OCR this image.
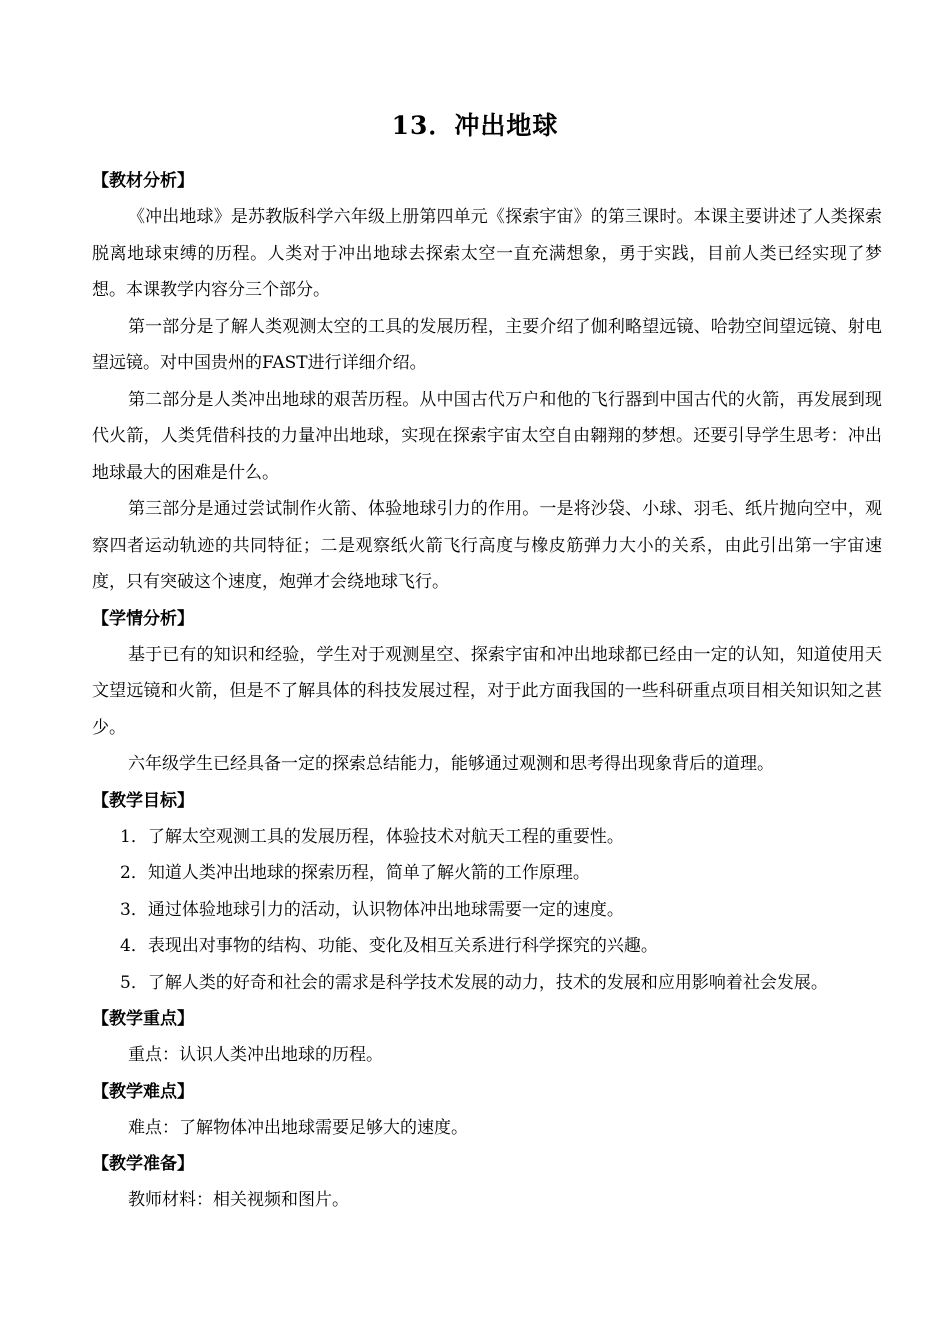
13．冲出地球

【教材分析】

《冲出地球》是苏教版科学六年级上册第四单元《探索宇宙》的第三课时。本课主要讲述了人类探索脱离地球束缚的历程。人类对于冲出地球去探索太空一直充满想象，勇于实践，目前人类已经实现了梦想。本课教学内容分三个部分。

第一部分是了解人类观测太空的工具的发展历程，主要介绍了伽利略望远镜、哈勃空间望远镜、射电望远镜。对中国贵州的FAST进行详细介绍。

第二部分是人类冲出地球的艰苦历程。从中国古代万户和他的飞行器到中国古代的火箭，再发展到现代火箭，人类凭借科技的力量冲出地球，实现在探索宇宙太空自由翱翔的梦想。还要引导学生思考：冲出地球最大的困难是什么。

第三部分是通过尝试制作火箭、体验地球引力的作用。一是将沙袋、小球、羽毛、纸片抛向空中，观察四者运动轨迹的共同特征；二是观察纸火箭飞行高度与橡皮筋弹力大小的关系，由此引出第一宇宙速度，只有突破这个速度，炮弹才会绕地球飞行。

【学情分析】

基于已有的知识和经验，学生对于观测星空、探索宇宙和冲出地球都已经由一定的认知，知道使用天文望远镜和火箭，但是不了解具体的科技发展过程，对于此方面我国的一些科研重点项目相关知识知之甚少。

六年级学生已经具备一定的探索总结能力，能够通过观测和思考得出现象背后的道理。

【教学目标】

1．了解太空观测工具的发展历程，体验技术对航天工程的重要性。

2．知道人类冲出地球的探索历程，简单了解火箭的工作原理。

3．通过体验地球引力的活动，认识物体冲出地球需要一定的速度。

4．表现出对事物的结构、功能、变化及相互关系进行科学探究的兴趣。

5．了解人类的好奇和社会的需求是科学技术发展的动力，技术的发展和应用影响着社会发展。

【教学重点】

重点：认识人类冲出地球的历程。

【教学难点】

难点：了解物体冲出地球需要足够大的速度。

【教学准备】

教师材料：相关视频和图片。
